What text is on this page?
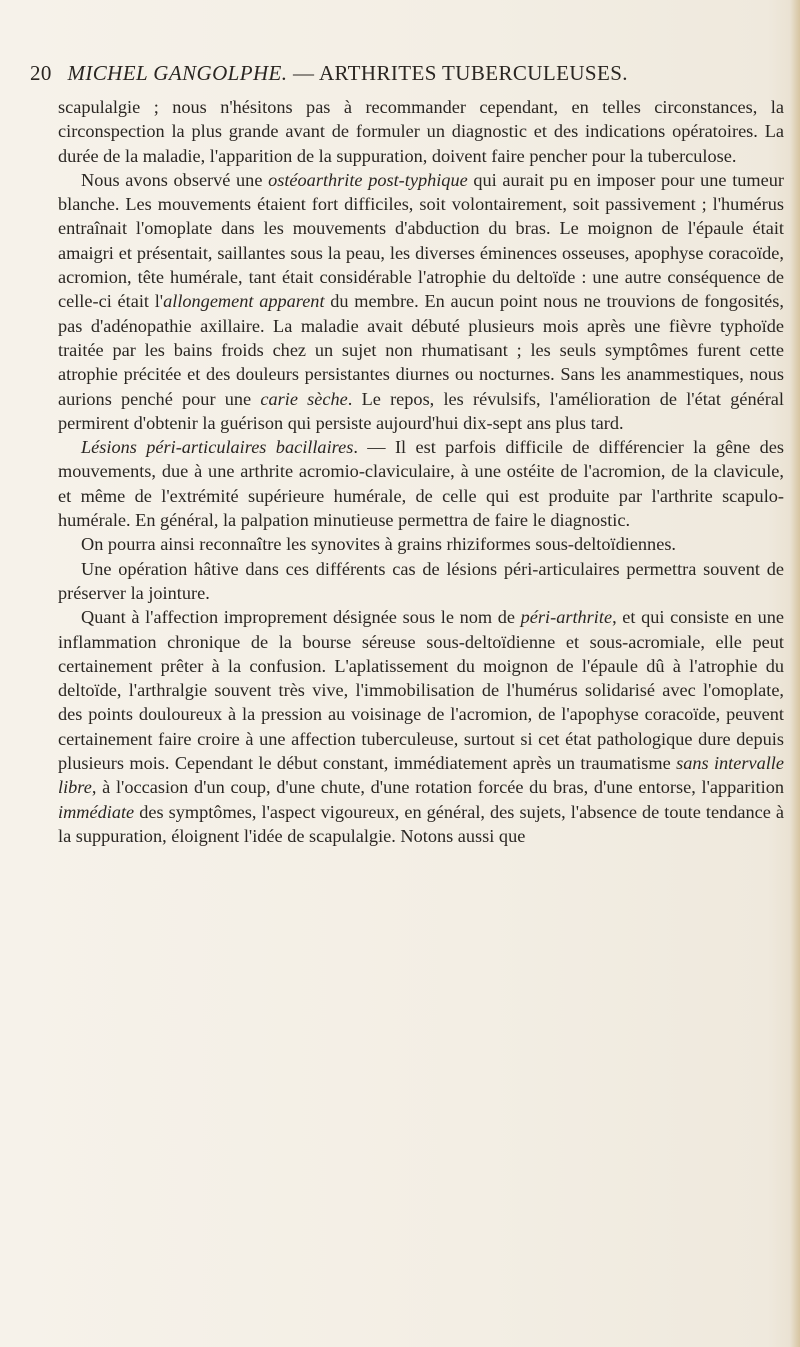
20 MICHEL GANGOLPHE. — ARTHRITES TUBERCULEUSES.

scapulalgie ; nous n'hésitons pas à recommander cependant, en telles circonstances, la circonspection la plus grande avant de formuler un diagnostic et des indications opératoires. La durée de la maladie, l'apparition de la suppuration, doivent faire pencher pour la tuberculose.

Nous avons observé une ostéoarthrite post-typhique qui aurait pu en imposer pour une tumeur blanche. Les mouvements étaient fort difficiles, soit volontairement, soit passivement ; l'humérus entraînait l'omoplate dans les mouvements d'abduction du bras. Le moignon de l'épaule était amaigri et présentait, saillantes sous la peau, les diverses éminences osseuses, apophyse coracoïde, acromion, tête humérale, tant était considérable l'atrophie du deltoïde : une autre conséquence de celle-ci était l'allongement apparent du membre. En aucun point nous ne trouvions de fongosités, pas d'adénopathie axillaire. La maladie avait débuté plusieurs mois après une fièvre typhoïde traitée par les bains froids chez un sujet non rhumatisant ; les seuls symptômes furent cette atrophie précitée et des douleurs persistantes diurnes ou nocturnes. Sans les anammestiques, nous aurions penché pour une carie sèche. Le repos, les révulsifs, l'amélioration de l'état général permirent d'obtenir la guérison qui persiste aujourd'hui dix-sept ans plus tard.

Lésions péri-articulaires bacillaires. — Il est parfois difficile de différencier la gêne des mouvements, due à une arthrite acromio-claviculaire, à une ostéite de l'acromion, de la clavicule, et même de l'extrémité supérieure humérale, de celle qui est produite par l'arthrite scapulo-humérale. En général, la palpation minutieuse permettra de faire le diagnostic.

On pourra ainsi reconnaître les synovites à grains rhiziformes sous-deltoïdiennes.

Une opération hâtive dans ces différents cas de lésions péri-articulaires permettra souvent de préserver la jointure.

Quant à l'affection improprement désignée sous le nom de péri-arthrite, et qui consiste en une inflammation chronique de la bourse séreuse sous-deltoïdienne et sous-acromiale, elle peut certainement prêter à la confusion. L'aplatissement du moignon de l'épaule dû à l'atrophie du deltoïde, l'arthralgie souvent très vive, l'immobilisation de l'humérus solidarisé avec l'omoplate, des points douloureux à la pression au voisinage de l'acromion, de l'apophyse coracoïde, peuvent certainement faire croire à une affection tuberculeuse, surtout si cet état pathologique dure depuis plusieurs mois. Cependant le début constant, immédiatement après un traumatisme sans intervalle libre, à l'occasion d'un coup, d'une chute, d'une rotation forcée du bras, d'une entorse, l'apparition immédiate des symptômes, l'aspect vigoureux, en général, des sujets, l'absence de toute tendance à la suppuration, éloignent l'idée de scapulalgie. Notons aussi que
